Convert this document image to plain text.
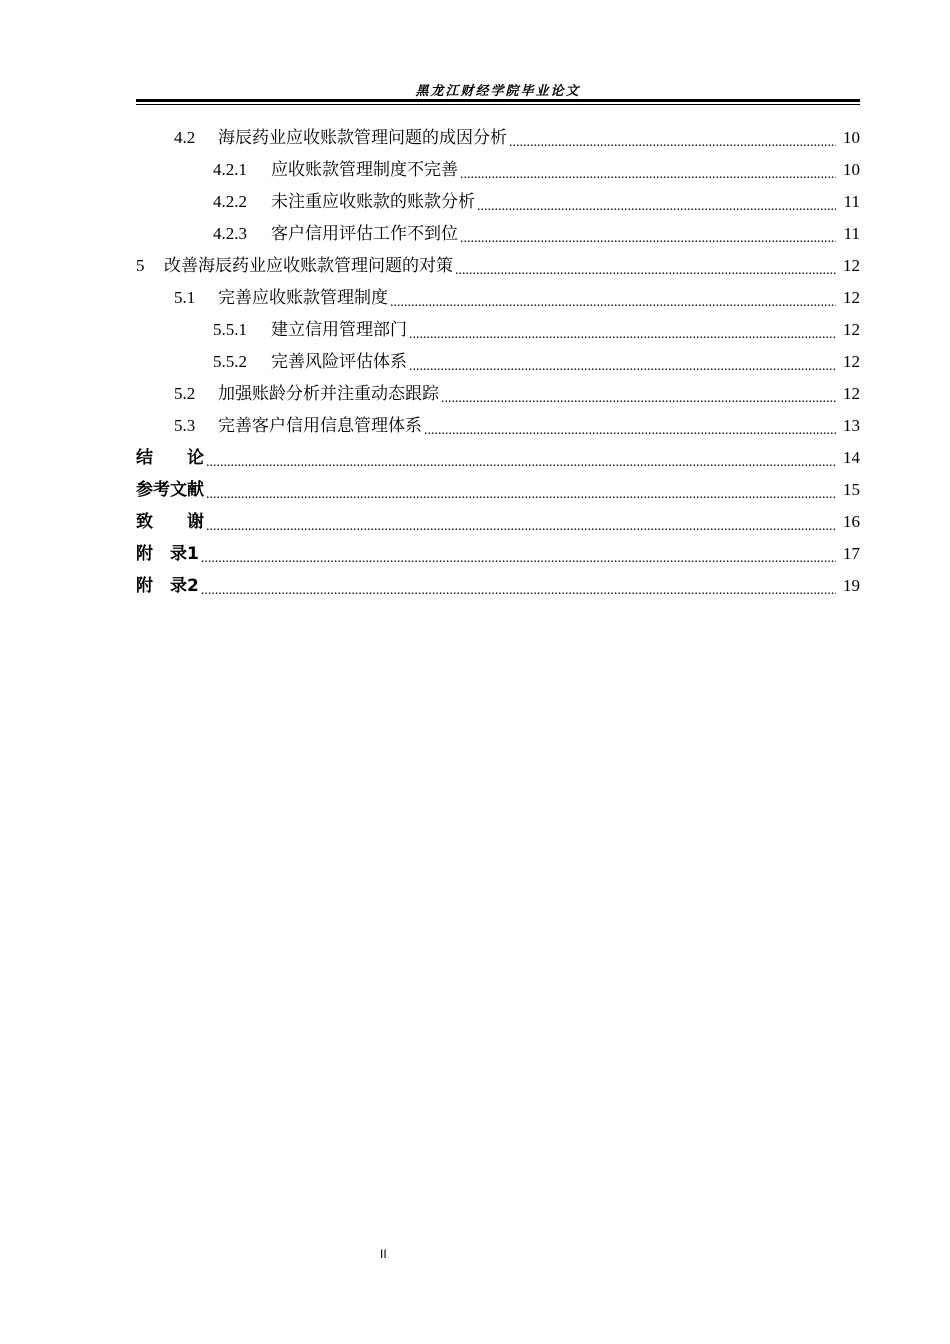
黑龙江财经学院毕业论文
4.2	海辰药业应收账款管理问题的成因分析 .....	10
4.2.1	应收账款管理制度不完善 .....	10
4.2.2	未注重应收账款的账款分析 .....	11
4.2.3	客户信用评估工作不到位 .....	11
5	改善海辰药业应收账款管理问题的对策 .....	12
5.1	完善应收账款管理制度 .....	12
5.5.1	建立信用管理部门 .....	12
5.5.2	完善风险评估体系 .....	12
5.2	加强账龄分析并注重动态跟踪 .....	12
5.3	完善客户信用信息管理体系 .....	13
结　　论 .....	14
参考文献 .....	15
致　　谢 .....	16
附　录1 .....	17
附　录2 .....	19
II
